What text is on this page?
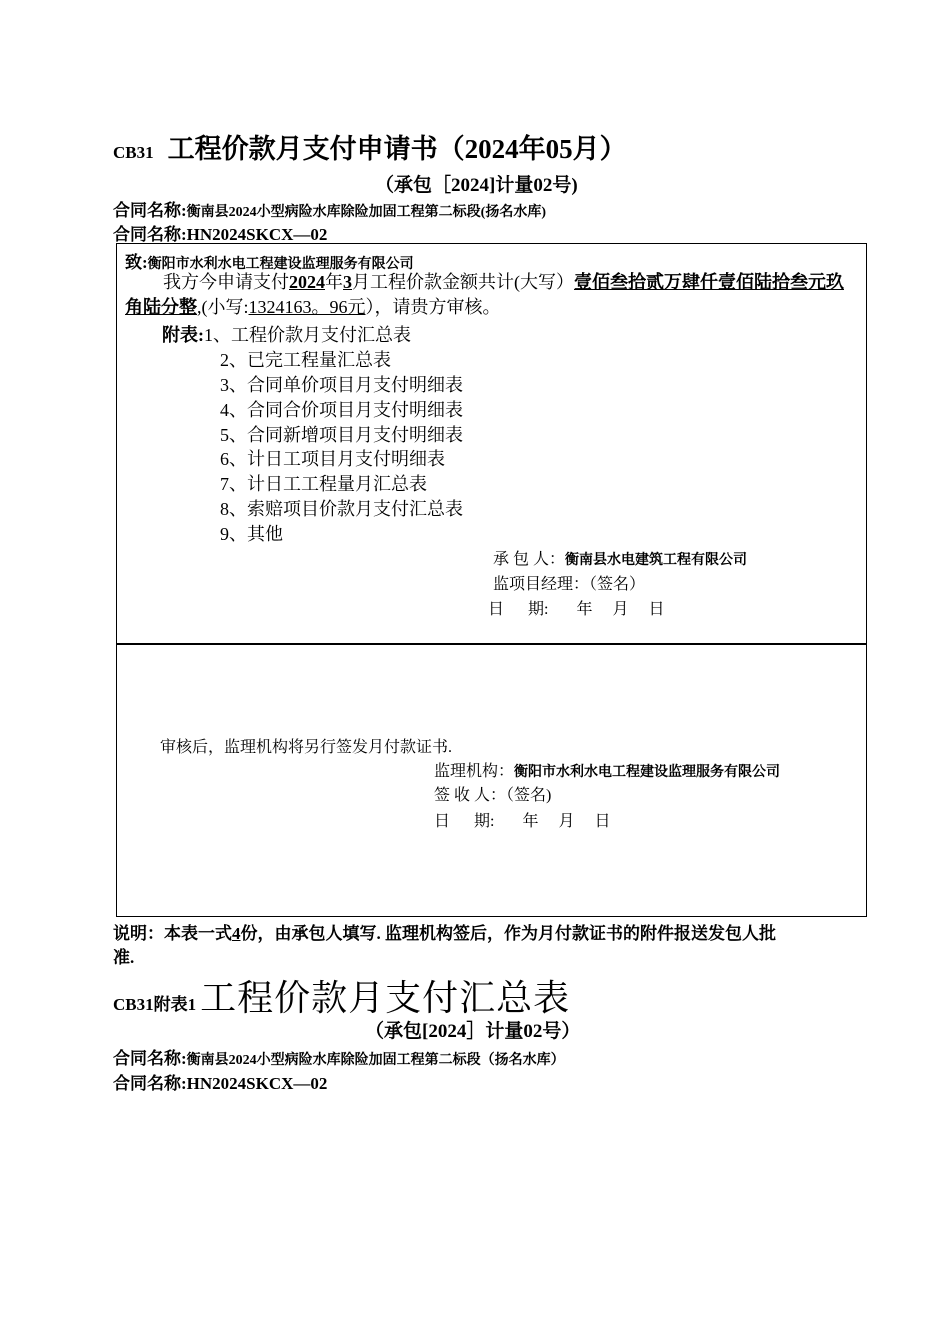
CB31 工程价款月支付申请书（2024年05月）
（承包［2024]计量02号)
合同名称:衡南县2024小型病险水库除险加固工程第二标段(扬名水库)
合同名称:HN2024SKCX—02
致:衡阳市水利水电工程建设监理服务有限公司
我方今申请支付2024年3月工程价款金额共计(大写）壹佰叁拾贰万肆仟壹佰陆拾叁元玖角陆分整,(小写:1324163。96元），请贵方审核。
附表:1、工程价款月支付汇总表
2、已完工程量汇总表
3、合同单价项目月支付明细表
4、合同合价项目月支付明细表
5、合同新增项目月支付明细表
6、计日工项目月支付明细表
7、计日工工程量月汇总表
8、索赔项目价款月支付汇总表
9、其他
承 包 人：衡南县水电建筑工程有限公司
监项目经理：（签名）
日      期:       年     月     日
审核后，监理机构将另行签发月付款证书.
监理机构：衡阳市水利水电工程建设监理服务有限公司
签 收 人：（签名)
日      期:       年     月     日
说明：本表一式4份，由承包人填写. 监理机构签后，作为月付款证书的附件报送发包人批
准.
CB31附表1 工程价款月支付汇总表
（承包[2024］计量02号）
合同名称:衡南县2024小型病险水库除险加固工程第二标段（扬名水库）
合同名称:HN2024SKCX—02
